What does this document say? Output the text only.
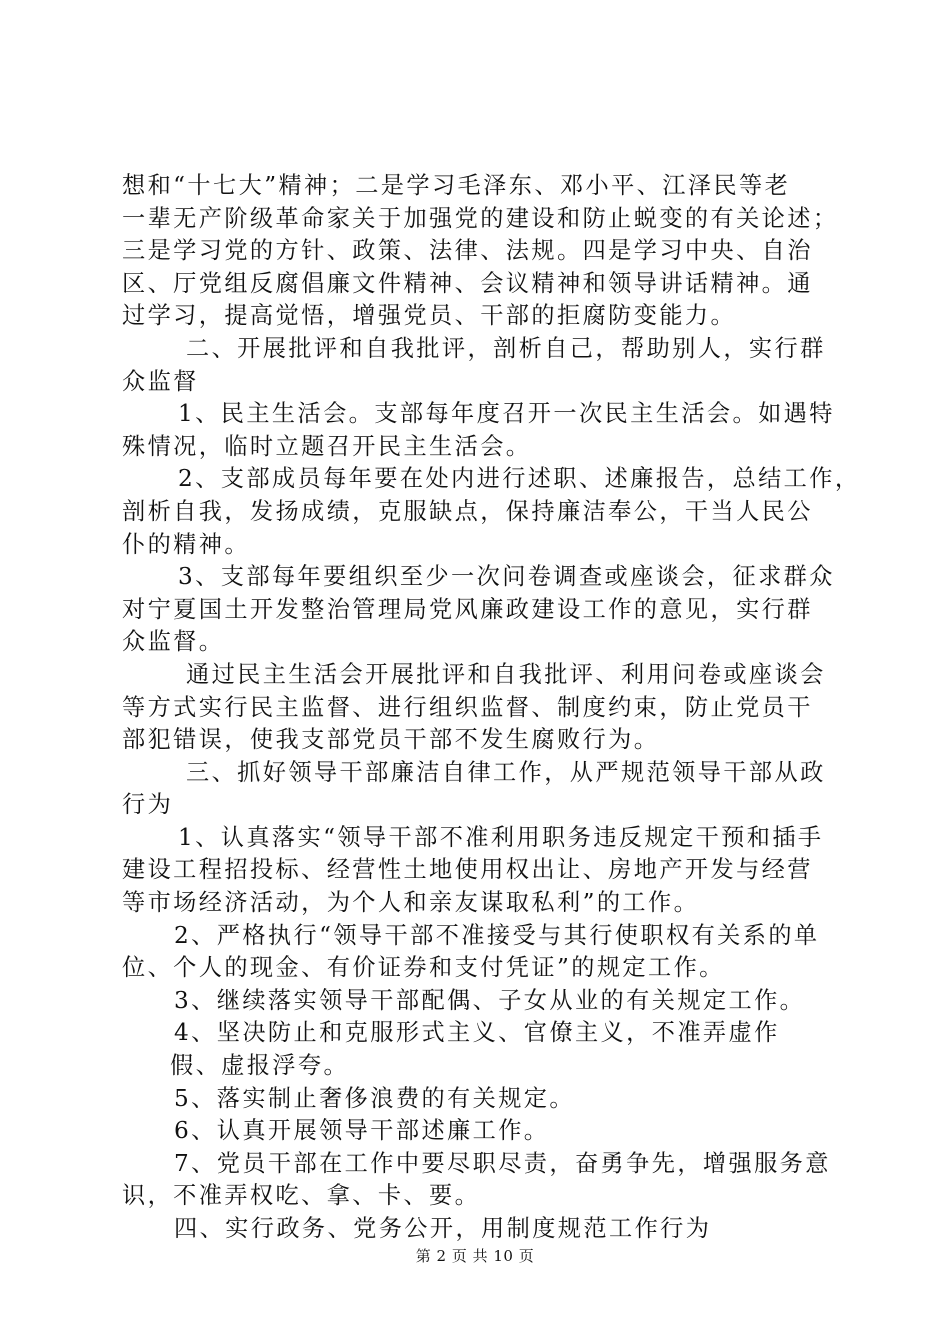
想和“十七大”精神；二是学习毛泽东、邓小平、江泽民等老
一辈无产阶级革命家关于加强党的建设和防止蜕变的有关论述；
三是学习党的方针、政策、法律、法规。四是学习中央、自治
区、厅党组反腐倡廉文件精神、会议精神和领导讲话精神。通
过学习，提高觉悟，增强党员、干部的拒腐防变能力。
二、开展批评和自我批评，剖析自己，帮助别人，实行群
众监督
1、民主生活会。支部每年度召开一次民主生活会。如遇特
殊情况，临时立题召开民主生活会。
2、支部成员每年要在处内进行述职、述廉报告，总结工作，
剖析自我，发扬成绩，克服缺点，保持廉洁奉公，干当人民公
仆的精神。
3、支部每年要组织至少一次问卷调查或座谈会，征求群众
对宁夏国土开发整治管理局党风廉政建设工作的意见，实行群
众监督。
通过民主生活会开展批评和自我批评、利用问卷或座谈会
等方式实行民主监督、进行组织监督、制度约束，防止党员干
部犯错误，使我支部党员干部不发生腐败行为。
三、抓好领导干部廉洁自律工作，从严规范领导干部从政
行为
1、认真落实“领导干部不准利用职务违反规定干预和插手
建设工程招投标、经营性土地使用权出让、房地产开发与经营
等市场经济活动，为个人和亲友谋取私利”的工作。
2、严格执行“领导干部不准接受与其行使职权有关系的单
位、个人的现金、有价证券和支付凭证”的规定工作。
3、继续落实领导干部配偶、子女从业的有关规定工作。
4、坚决防止和克服形式主义、官僚主义，不准弄虚作
假、虚报浮夸。
5、落实制止奢侈浪费的有关规定。
6、认真开展领导干部述廉工作。
7、党员干部在工作中要尽职尽责，奋勇争先，增强服务意
识，不准弄权吃、拿、卡、要。
四、实行政务、党务公开，用制度规范工作行为
第 2 页 共 10 页
